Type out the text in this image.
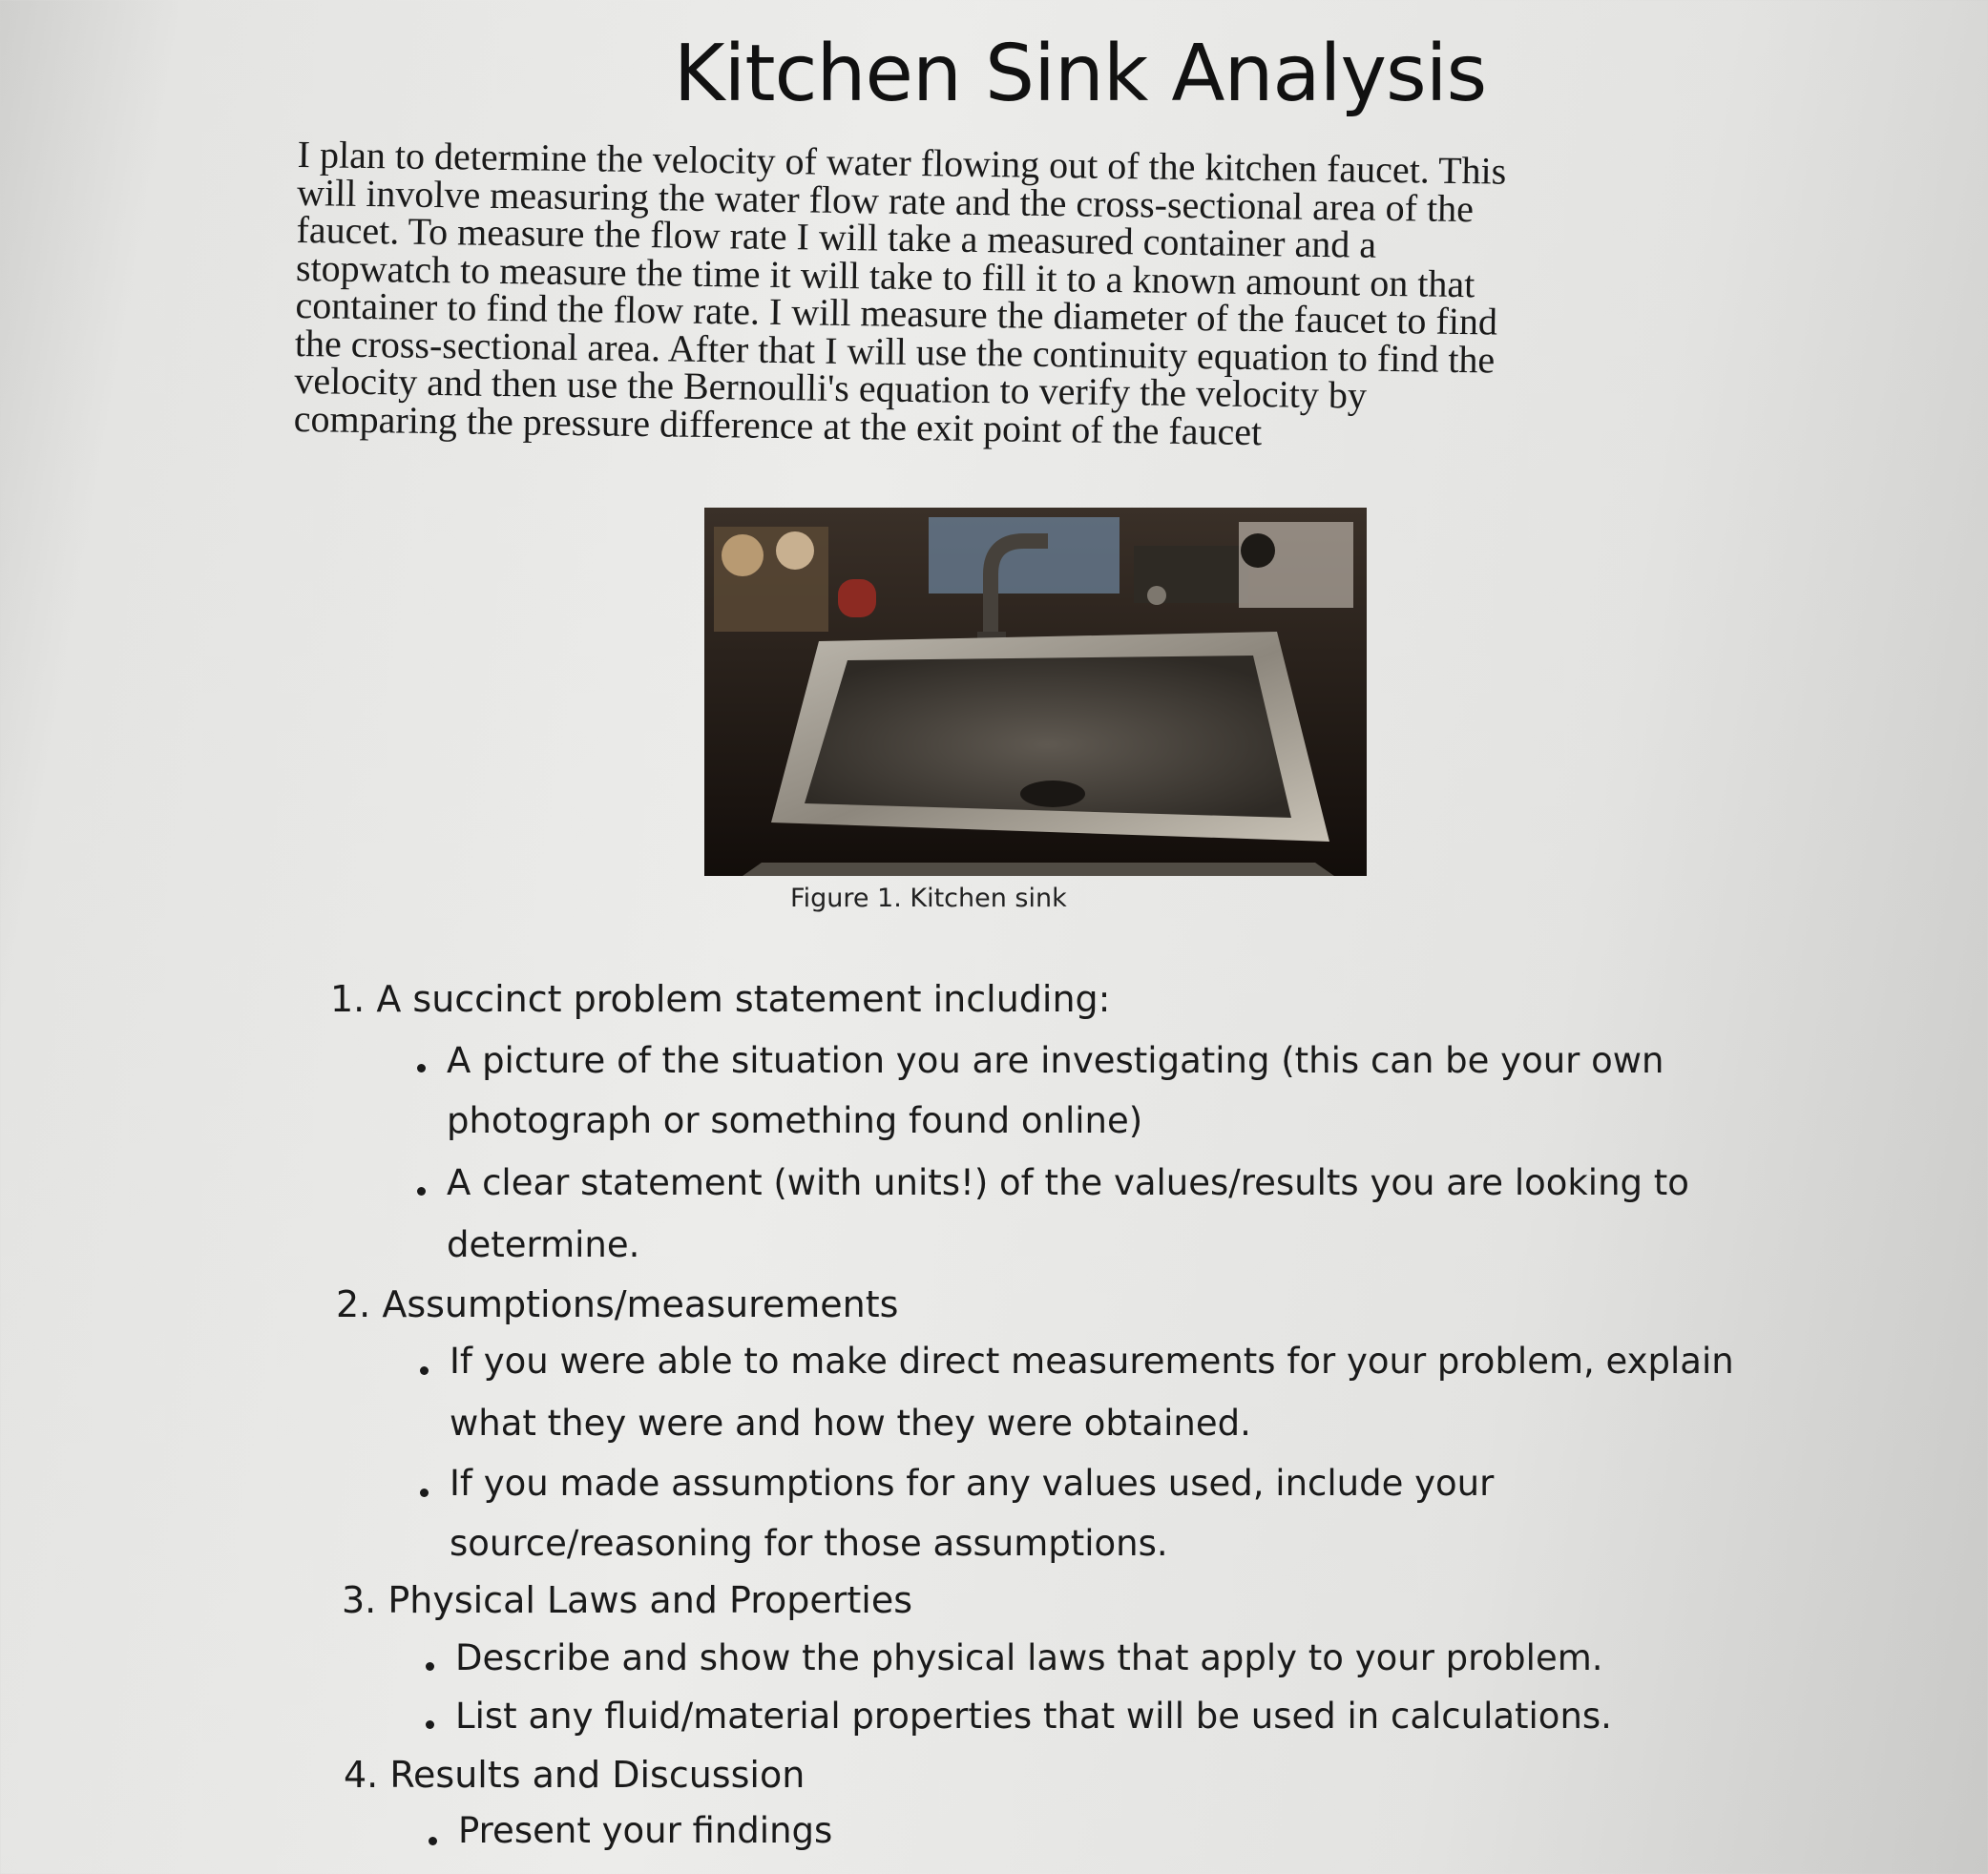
Kitchen Sink Analysis

I plan to determine the velocity of water flowing out of the kitchen faucet. This will involve measuring the water flow rate and the cross-sectional area of the faucet. To measure the flow rate I will take a measured container and a stopwatch to measure the time it will take to fill it to a known amount on that container to find the flow rate. I will measure the diameter of the faucet to find the cross-sectional area. After that I will use the continuity equation to find the velocity and then use the Bernoulli's equation to verify the velocity by comparing the pressure difference at the exit point of the faucet

Figure 1. Kitchen sink
1. A succinct problem statement including:
A picture of the situation you are investigating (this can be your own
photograph or something found online)
A clear statement (with units!) of the values/results you are looking to
determine.
2. Assumptions/measurements
If you were able to make direct measurements for your problem, explain
what they were and how they were obtained.
If you made assumptions for any values used, include your
source/reasoning for those assumptions.
3. Physical Laws and Properties
Describe and show the physical laws that apply to your problem.
List any fluid/material properties that will be used in calculations.
4. Results and Discussion
Present your findings
